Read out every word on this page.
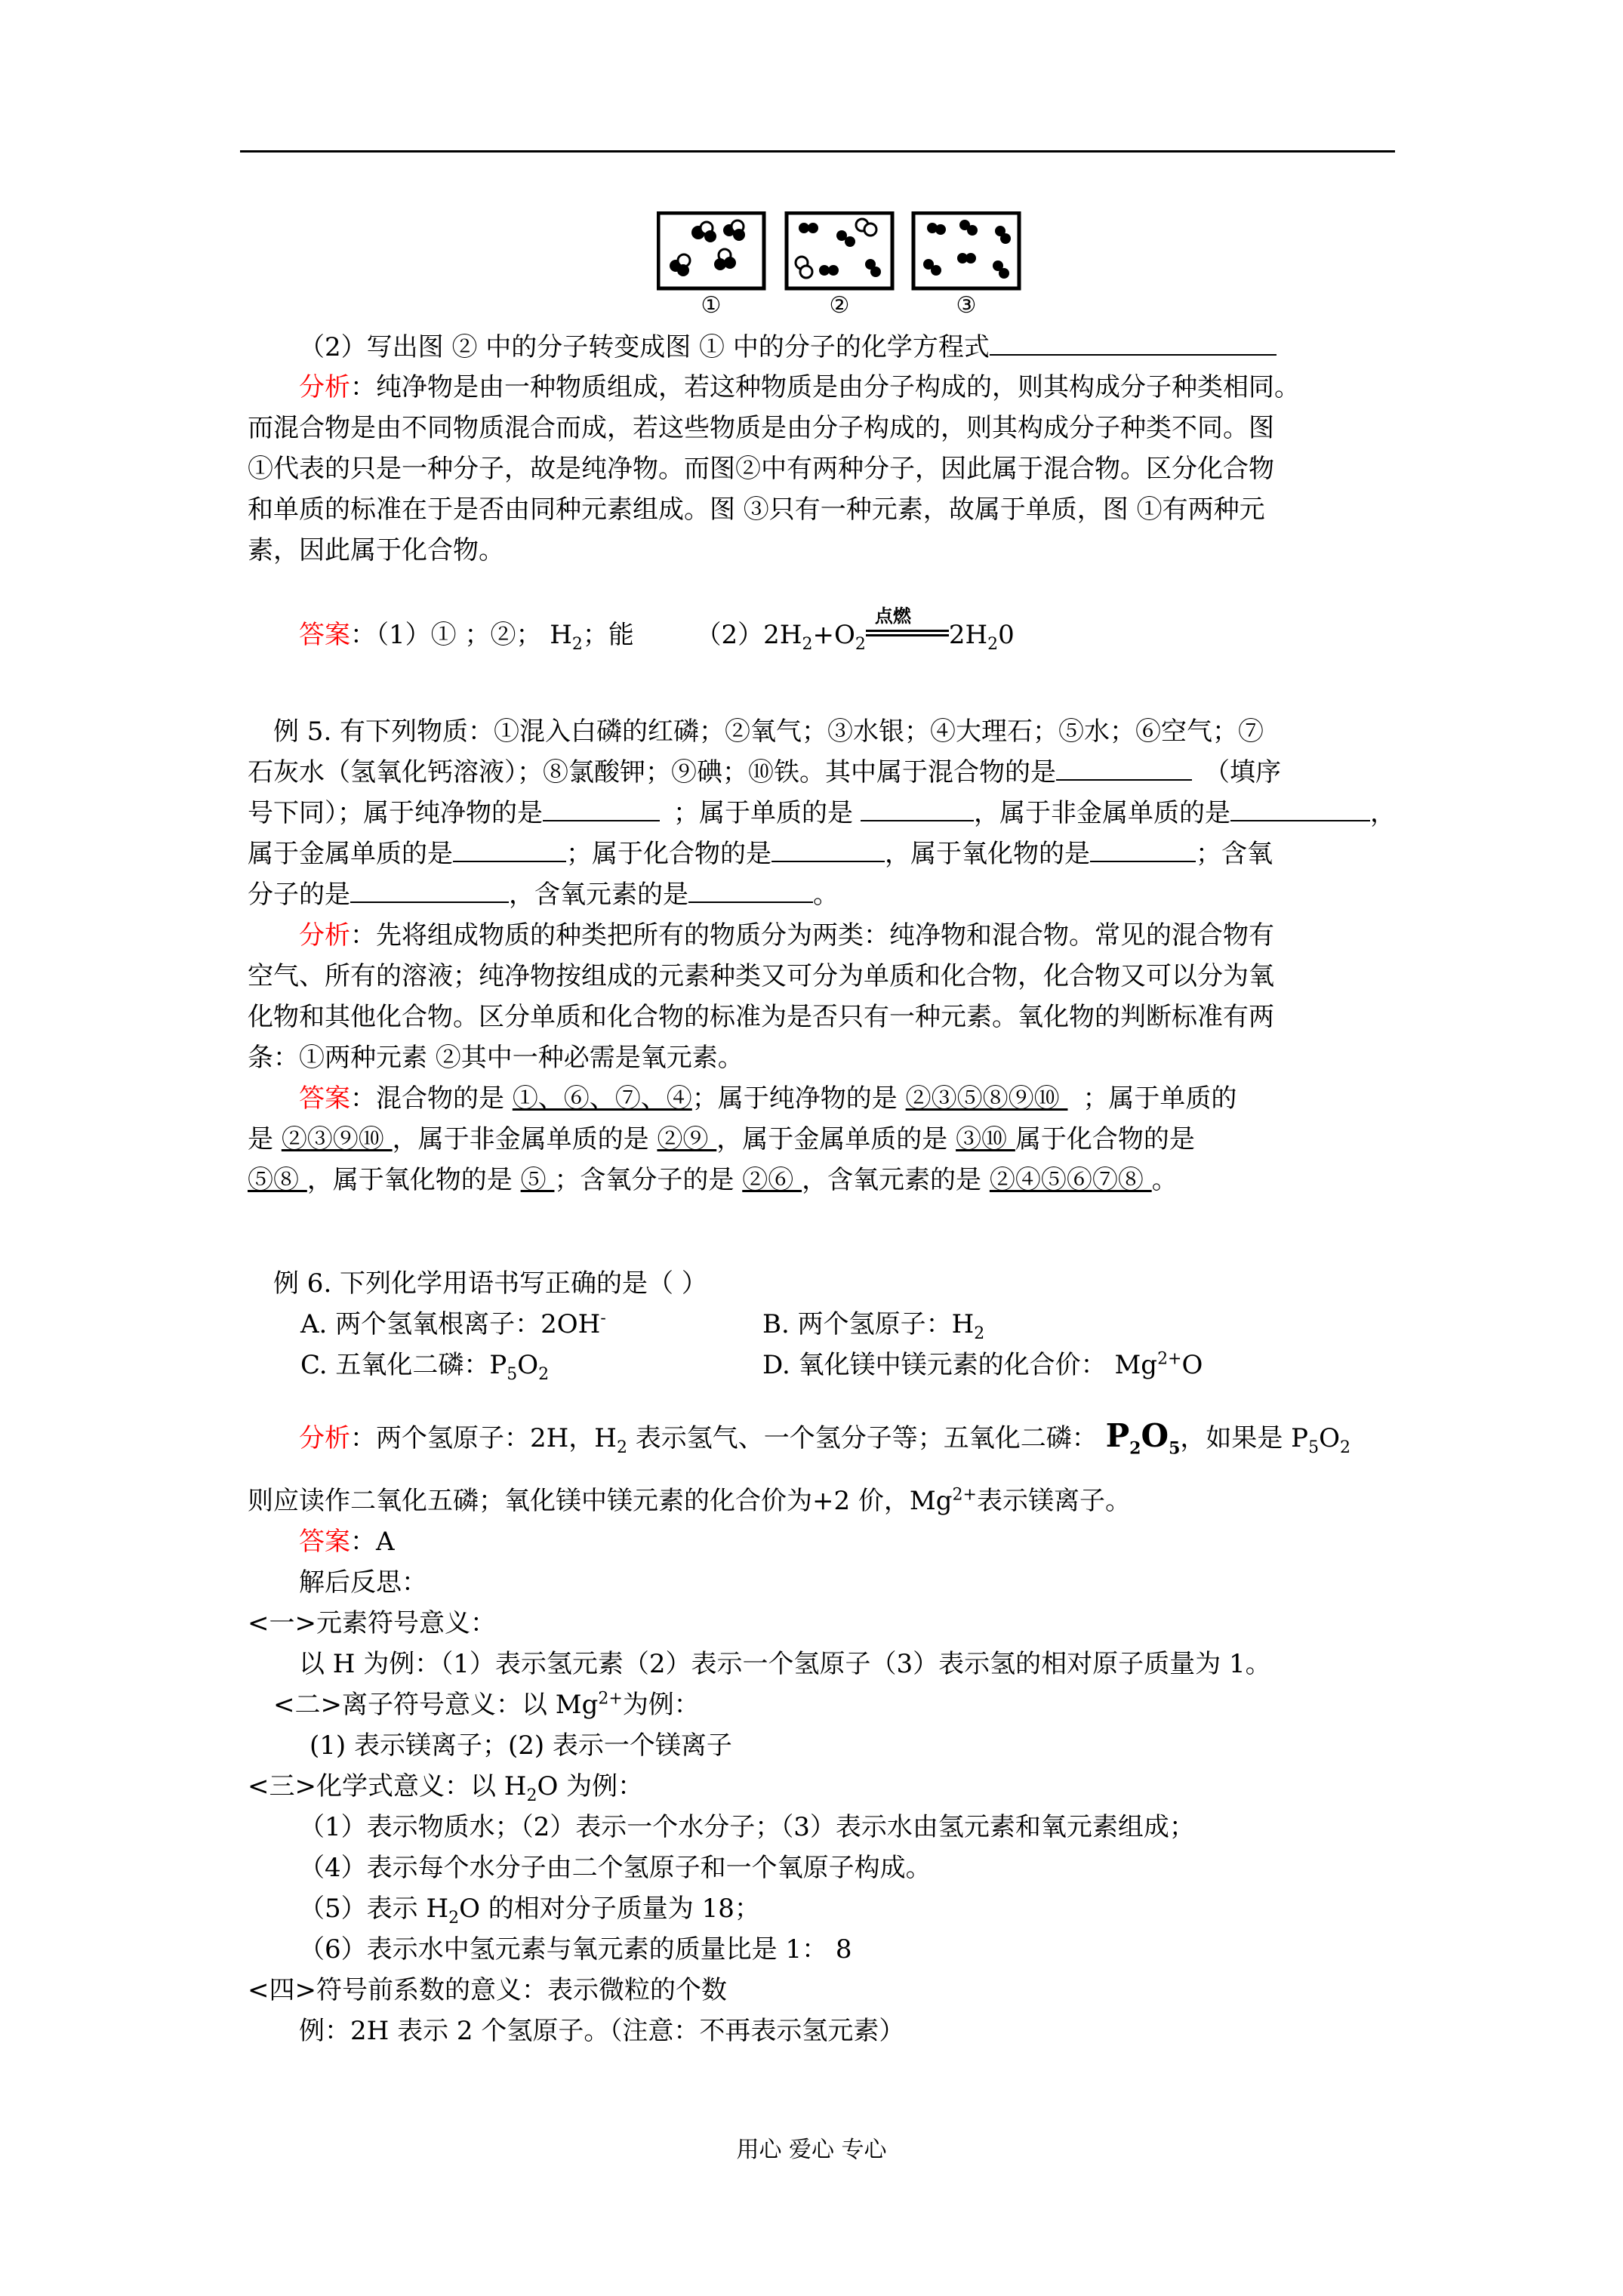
①	②	③
（2）写出图 ② 中的分子转变成图 ① 中的分子的化学方程式
分析：纯净物是由一种物质组成，若这种物质是由分子构成的，则其构成分子种类相同。
而混合物是由不同物质混合而成，若这些物质是由分子构成的，则其构成分子种类不同。图
①代表的只是一种分子，故是纯净物。而图②中有两种分子，因此属于混合物。区分化合物
和单质的标准在于是否由同种元素组成。图 ③只有一种元素，故属于单质，图 ①有两种元
素，因此属于化合物。
答案：（1）① ；②； $H_2$；能 $(2)2H_2+O_2$
点燃
$2H_20$
例 5. 有下列物质：①混入白磷的红磷；②氧气；③水银；④大理石；⑤水；⑥空气；⑦
石灰水（氢氧化钙溶液）；⑧氯酸钾；⑨碘；⑩铁。其中属于混合物的是	（填序
号下同）；属于纯净物的是	；属于单质的是	，属于非金属单质的是	，
属于金属单质的是	；属于化合物的是	，属于氧化物的是	；含氧
分子的是	，含氧元素的是	。
分析：先将组成物质的种类把所有的物质分为两类：纯净物和混合物。常见的混合物有
空气、所有的溶液；纯净物按组成的元素种类又可分为单质和化合物，化合物又可以分为氧
化物和其他化合物。区分单质和化合物的标准为是否只有一种元素。氧化物的判断标准有两
条：①两种元素 ②其中一种必需是氧元素。
答案：混合物的是 ①、⑥、⑦、④；属于纯净物的是 ②③⑤⑧⑨⑩ ；属于单质的
是 ②③⑨⑩ ，属于非金属单质的是 ②⑨ ，属于金属单质的是 ③⑩ 属于化合物的是
⑤⑧ ，属于氧化物的是 ⑤ ；含氧分子的是 ②⑥ ，含氧元素的是 ②④⑤⑥⑦⑧ 。
例 6. 下列化学用语书写正确的是（ ）
A. 两个氢氧根离子：2OH-	B. 两个氢原子：$H_2$
C. 五氧化二磷：$P_5O_2$	D. 氧化镁中镁元素的化合价： $Mg^{2+}O$
分析：两个氢原子：2H，$H_2$ 表示氢气、一个氢分子等；五氧化二磷： $P_2O_5$，如果是 $P_5O_2$
则应读作二氧化五磷；氧化镁中镁元素的化合价为+2 价，$Mg^{2+}$表示镁离子。
答案：A
解后反思：
<一>元素符号意义：
以 H 为例：（1）表示氢元素（2）表示一个氢原子（3）表示氢的相对原子质量为 1。
<二>离子符号意义：以 $Mg^{2+}$为例：
(1) 表示镁离子；(2) 表示一个镁离子
<三>化学式意义：以 $H_2O$ 为例：
（1）表示物质水；（2）表示一个水分子；（3）表示水由氢元素和氧元素组成；
（4）表示每个水分子由二个氢原子和一个氧原子构成。
（5）表示 $H_2O$ 的相对分子质量为 18；
（6）表示水中氢元素与氧元素的质量比是 1： 8
<四>符号前系数的意义：表示微粒的个数
例：2H 表示 2 个氢原子。（注意：不再表示氢元素）
用心 爱心 专心
